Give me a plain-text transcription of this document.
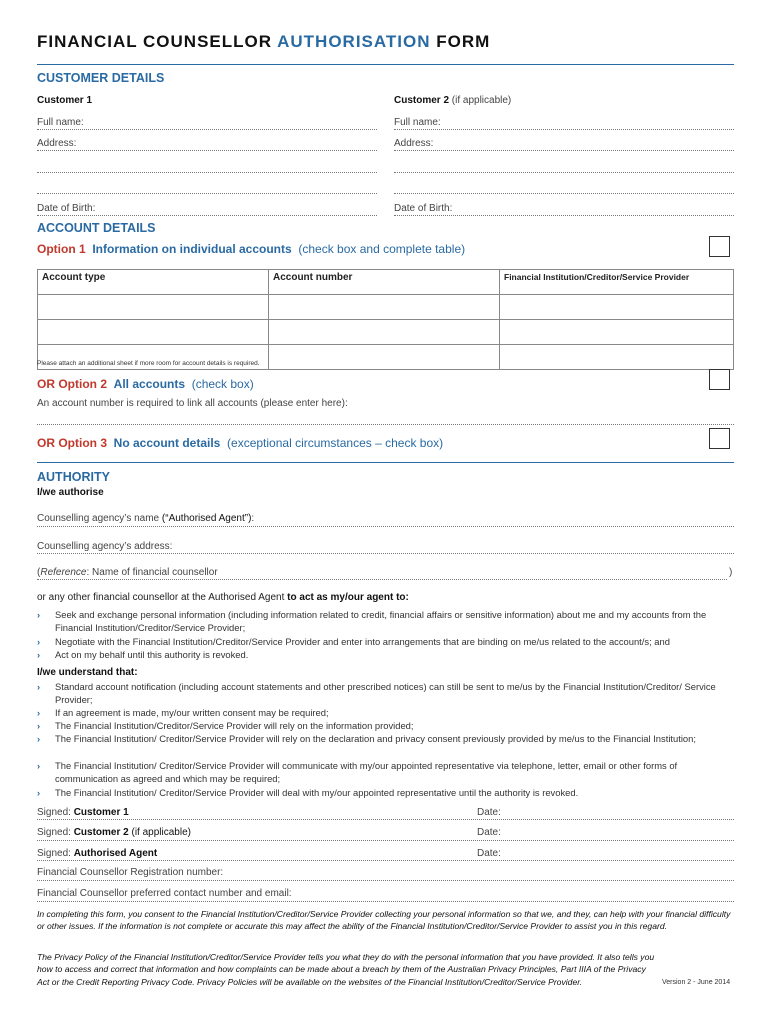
FINANCIAL COUNSELLOR AUTHORISATION FORM
CUSTOMER DETAILS
Customer 1	Customer 2 (if applicable)
Full name:	Full name:
Address:	Address:
Date of Birth:	Date of Birth:
ACCOUNT DETAILS
Option 1 Information on individual accounts (check box and complete table)
Account type	Account number	Financial Institution/Creditor/Service Provider

Please attach an additional sheet if more room for account details is required.
OR Option 2 All accounts (check box)
An account number is required to link all accounts (please enter here):
OR Option 3 No account details (exceptional circumstances – check box)
AUTHORITY
I/we authorise
Counselling agency’s name (“Authorised Agent”):
Counselling agency’s address:
(Reference: Name of financial counsellor	)
or any other financial counsellor at the Authorised Agent to act as my/our agent to:
›	Seek and exchange personal information (including information related to credit, financial affairs or sensitive information) about me and my accounts from the Financial Institution/Creditor/Service Provider;
›	Negotiate with the Financial Institution/Creditor/Service Provider and enter into arrangements that are binding on me/us related to the account/s; and
›	Act on my behalf until this authority is revoked.
I/we understand that:
›	Standard account notification (including account statements and other prescribed notices) can still be sent to me/us by the Financial Institution/Creditor/ Service Provider;
›	If an agreement is made, my/our written consent may be required;
›	The Financial Institution/Creditor/Service Provider will rely on the information provided;
›	The Financial Institution/ Creditor/Service Provider will rely on the declaration and privacy consent previously provided by me/us to the Financial Institution;
›	The Financial Institution/ Creditor/Service Provider will communicate with my/our appointed representative via telephone, letter, email or other forms of communication as agreed and which may be required;
›	The Financial Institution/ Creditor/Service Provider will deal with my/our appointed representative until the authority is revoked.
Signed: Customer 1	Date:
Signed: Customer 2 (if applicable)	Date:
Signed: Authorised Agent	Date:
Financial Counsellor Registration number:
Financial Counsellor preferred contact number and email:
In completing this form, you consent to the Financial Institution/Creditor/Service Provider collecting your personal information so that we, and they, can help with your financial difficulty or other issues. If the information is not complete or accurate this may affect the ability of the Financial Institution/Creditor/Service Provider to assist you in this regard.
The Privacy Policy of the Financial Institution/Creditor/Service Provider tells you what they do with the personal information that you have provided. It also tells you how to access and correct that information and how complaints can be made about a breach by them of the Australian Privacy Principles, Part IIIA of the Privacy Act or the Credit Reporting Privacy Code. Privacy Policies will be available on the websites of the Financial Institution/Creditor/Service Provider.	Version 2 - June 2014
